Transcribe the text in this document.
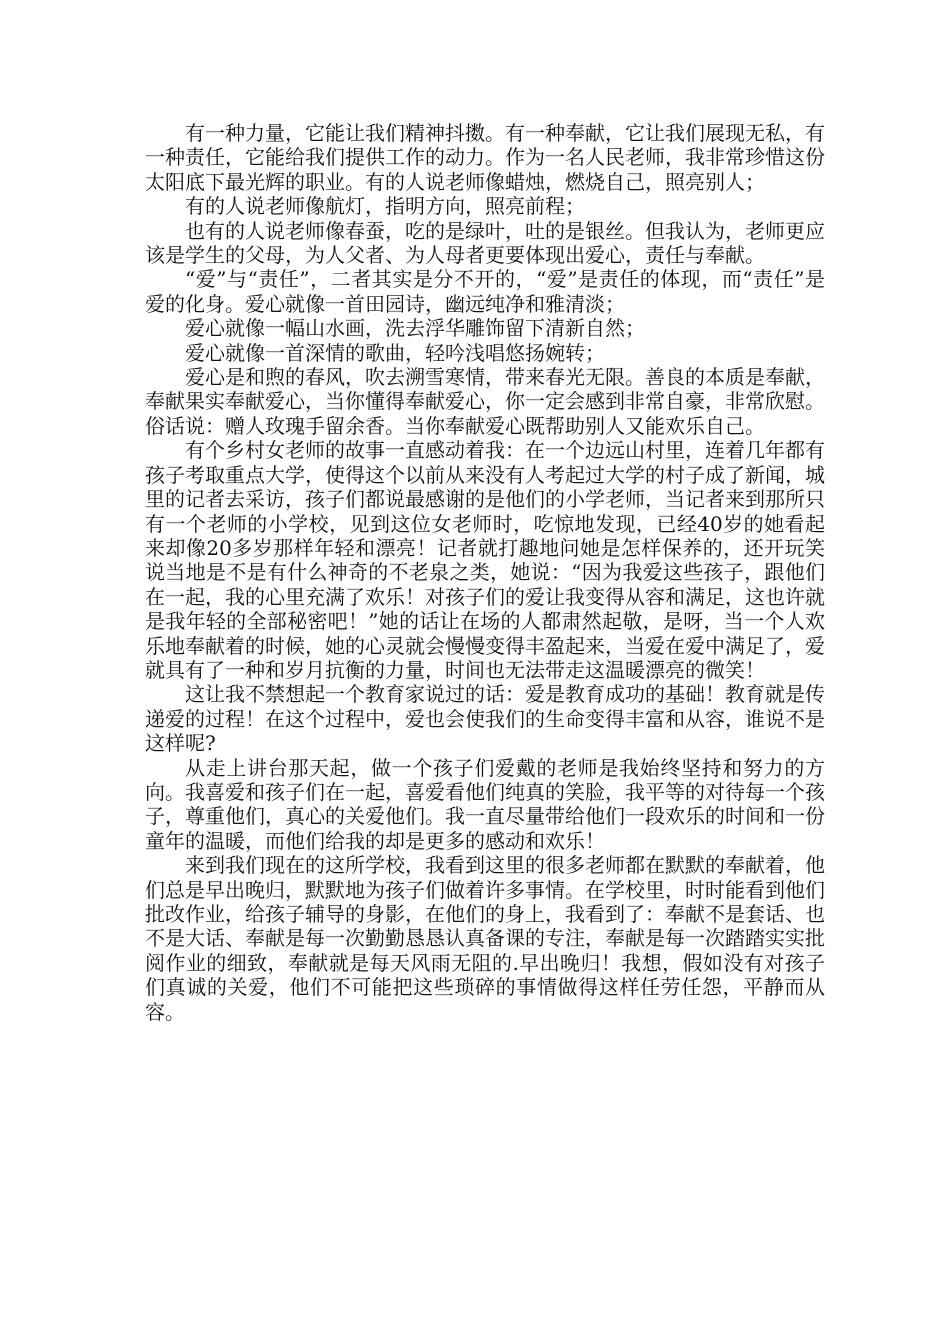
有一种力量，它能让我们精神抖擞。有一种奉献，它让我们展现无私，有一种责任，它能给我们提供工作的动力。作为一名人民老师，我非常珍惜这份太阳底下最光辉的职业。有的人说老师像蜡烛，燃烧自己，照亮别人；

有的人说老师像航灯，指明方向，照亮前程；

也有的人说老师像春蚕，吃的是绿叶，吐的是银丝。但我认为，老师更应该是学生的父母，为人父者、为人母者更要体现出爱心，责任与奉献。

“爱”与“责任”，二者其实是分不开的，“爱”是责任的体现，而“责任”是爱的化身。爱心就像一首田园诗，幽远纯净和雅清淡；

爱心就像一幅山水画，洗去浮华雕饰留下清新自然；

爱心就像一首深情的歌曲，轻吟浅唱悠扬婉转；

爱心是和煦的春风，吹去溯雪寒情，带来春光无限。善良的本质是奉献，奉献果实奉献爱心，当你懂得奉献爱心，你一定会感到非常自豪，非常欣慰。俗话说：赠人玫瑰手留余香。当你奉献爱心既帮助别人又能欢乐自己。

有个乡村女老师的故事一直感动着我：在一个边远山村里，连着几年都有孩子考取重点大学，使得这个以前从来没有人考起过大学的村子成了新闻，城里的记者去采访，孩子们都说最感谢的是他们的小学老师，当记者来到那所只有一个老师的小学校，见到这位女老师时，吃惊地发现，已经40岁的她看起来却像20多岁那样年轻和漂亮！记者就打趣地问她是怎样保养的，还开玩笑说当地是不是有什么神奇的不老泉之类，她说：“因为我爱这些孩子，跟他们在一起，我的心里充满了欢乐！对孩子们的爱让我变得从容和满足，这也许就是我年轻的全部秘密吧！”她的话让在场的人都肃然起敬，是呀，当一个人欢乐地奉献着的时候，她的心灵就会慢慢变得丰盈起来，当爱在爱中满足了，爱就具有了一种和岁月抗衡的力量，时间也无法带走这温暖漂亮的微笑！

这让我不禁想起一个教育家说过的话：爱是教育成功的基础！教育就是传递爱的过程！在这个过程中，爱也会使我们的生命变得丰富和从容，谁说不是这样呢?

从走上讲台那天起，做一个孩子们爱戴的老师是我始终坚持和努力的方向。我喜爱和孩子们在一起，喜爱看他们纯真的笑脸，我平等的对待每一个孩子，尊重他们，真心的关爱他们。我一直尽量带给他们一段欢乐的时间和一份童年的温暖，而他们给我的却是更多的感动和欢乐！

来到我们现在的这所学校，我看到这里的很多老师都在默默的奉献着，他们总是早出晚归，默默地为孩子们做着许多事情。在学校里，时时能看到他们批改作业，给孩子辅导的身影，在他们的身上，我看到了：奉献不是套话、也不是大话、奉献是每一次勤勤恳恳认真备课的专注，奉献是每一次踏踏实实批阅作业的细致，奉献就是每天风雨无阻的.早出晚归！我想，假如没有对孩子们真诚的关爱，他们不可能把这些琐碎的事情做得这样任劳任怨，平静而从容。
